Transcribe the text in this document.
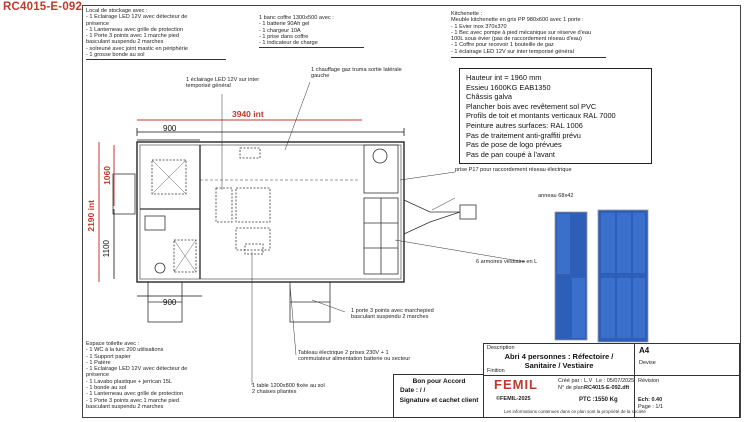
RC4015-E-092 Local de stockage avec :
- 1 Eclairage LED 12V avec détecteur de
présence
- 1 Lanterneau avec grille de protection
- 1 Porte 3 points avec 1 marche pied
basculant suspendu 2 marches
- solreuné avec joint mastic en périphérie
- 1 grosse bonde au sol
1 banc coffre 1300x500 avec :
- 1 batterie 90Ah gel
- 1 chargeur 10A
- 1 prise dans coffre
- 1 indicateur de charge
Kitchenette :
Meuble kitchenette en gris PP 980x600 avec 1 porte :
- 1 Evier inox 370x370
- 1 Bec avec pompe à pied mécanique sur réserve d'eau
100L sous évier (pas de raccordement réseau d'eau)
- 1 Coffre pour recevoir 1 bouteille de gaz
- 1 éclairage LED 12V sur inter temporisé général
1 chauffage gaz truma sortie latérale
gauche
1 éclairage LED 12V sur inter
temporisé général
Hauteur int = 1960 mm
Essieu 1600KG EAB1350
Châssis galva
Plancher bois avec revêtement sol PVC
Profils de toit et montants verticaux RAL 7000
Peinture autres surfaces: RAL 1006
Pas de traitement anti-graffiti prévu
Pas de pose de logo prévues
Pas de pan coupé à l'avant
3940 int
900
2190 int
1060
1100
900
prise P17 pour raccordement réseau électrique
anneau 68x42
6 armoires vestiaire en L
1 porte 3 points avec marchepied
basculant suspendu 2 marches
Tableau électrique 2 prises 230V + 1
commutateur alimentation batterie ou secteur
1 table 1200x800 fixée au sol
2 chaises pliantes
Espace toilette avec :
- 1 WC à la turc 200 utilisations
- 1 Support papier
- 1 Patère
- 1 Eclairage LED 12V avec détecteur de
présence
- 1 Lavabo plastique + jerrican 15L
- 1 bonde au sol
- 1 Lanterneau avec grille de protection
- 1 Porte 3 points avec 1 marche pied
basculant suspendu 2 marches
Bon pour Accord
Date : / /
Signature et cachet client
Description
Abri 4 personnes : Réfectoire /
Sanitaire / Vestiaire
Finition
A4
Devise
FEMIL
©FEMIL-2025
Créé par : L.V Le : 05/07/2025
N° de plan RC4015-E-092.dft
PTC :1550 Kg
Révision
Ech: 0.40
Page : 1/1
Les informations contenues dans ce plan sont la propriété de la société
